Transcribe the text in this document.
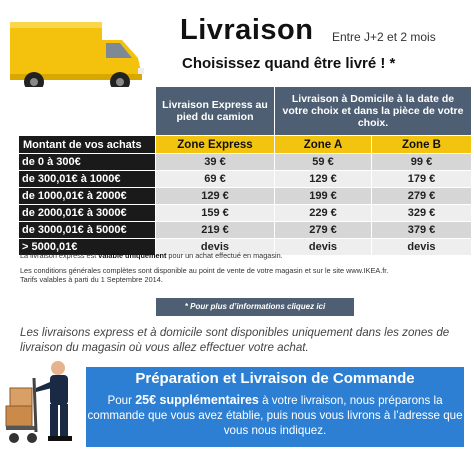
Livraison Entre J+2 et 2 mois
Choisissez quand être livré ! *
	Livraison Express au pied du camion	Livraison à Domicile à la date de votre choix et dans la pièce de votre choix.	
Montant de vos achats	Zone Express	Zone A	Zone B
de 0 à 300€	39 €	59 €	99 €
de 300,01€ à 1000€	69 €	129 €	179 €
de 1000,01€ à 2000€	129 €	199 €	279 €
de 2000,01€ à 3000€	159 €	229 €	329 €
de 3000,01€ à 5000€	219 €	279 €	379 €
> 5000,01€	devis	devis	devis
La livraison express est valable uniquement pour un achat effectué en magasin.
Les conditions générales complètes sont disponible au point de vente de votre magasin et sur le site www.IKEA.fr.
Tarifs valables à parti du 1 Septembre 2014.
* Pour plus d’informations cliquez ici
Les livraisons express et à domicile sont disponibles uniquement dans les zones de livraison du magasin où vous allez effectuer votre achat.
Préparation et Livraison de Commande
Pour 25€ supplémentaires à votre livraison, nous préparons la commande que vous avez établie, puis nous vous livrons à l’adresse que vous nous indiquez.
